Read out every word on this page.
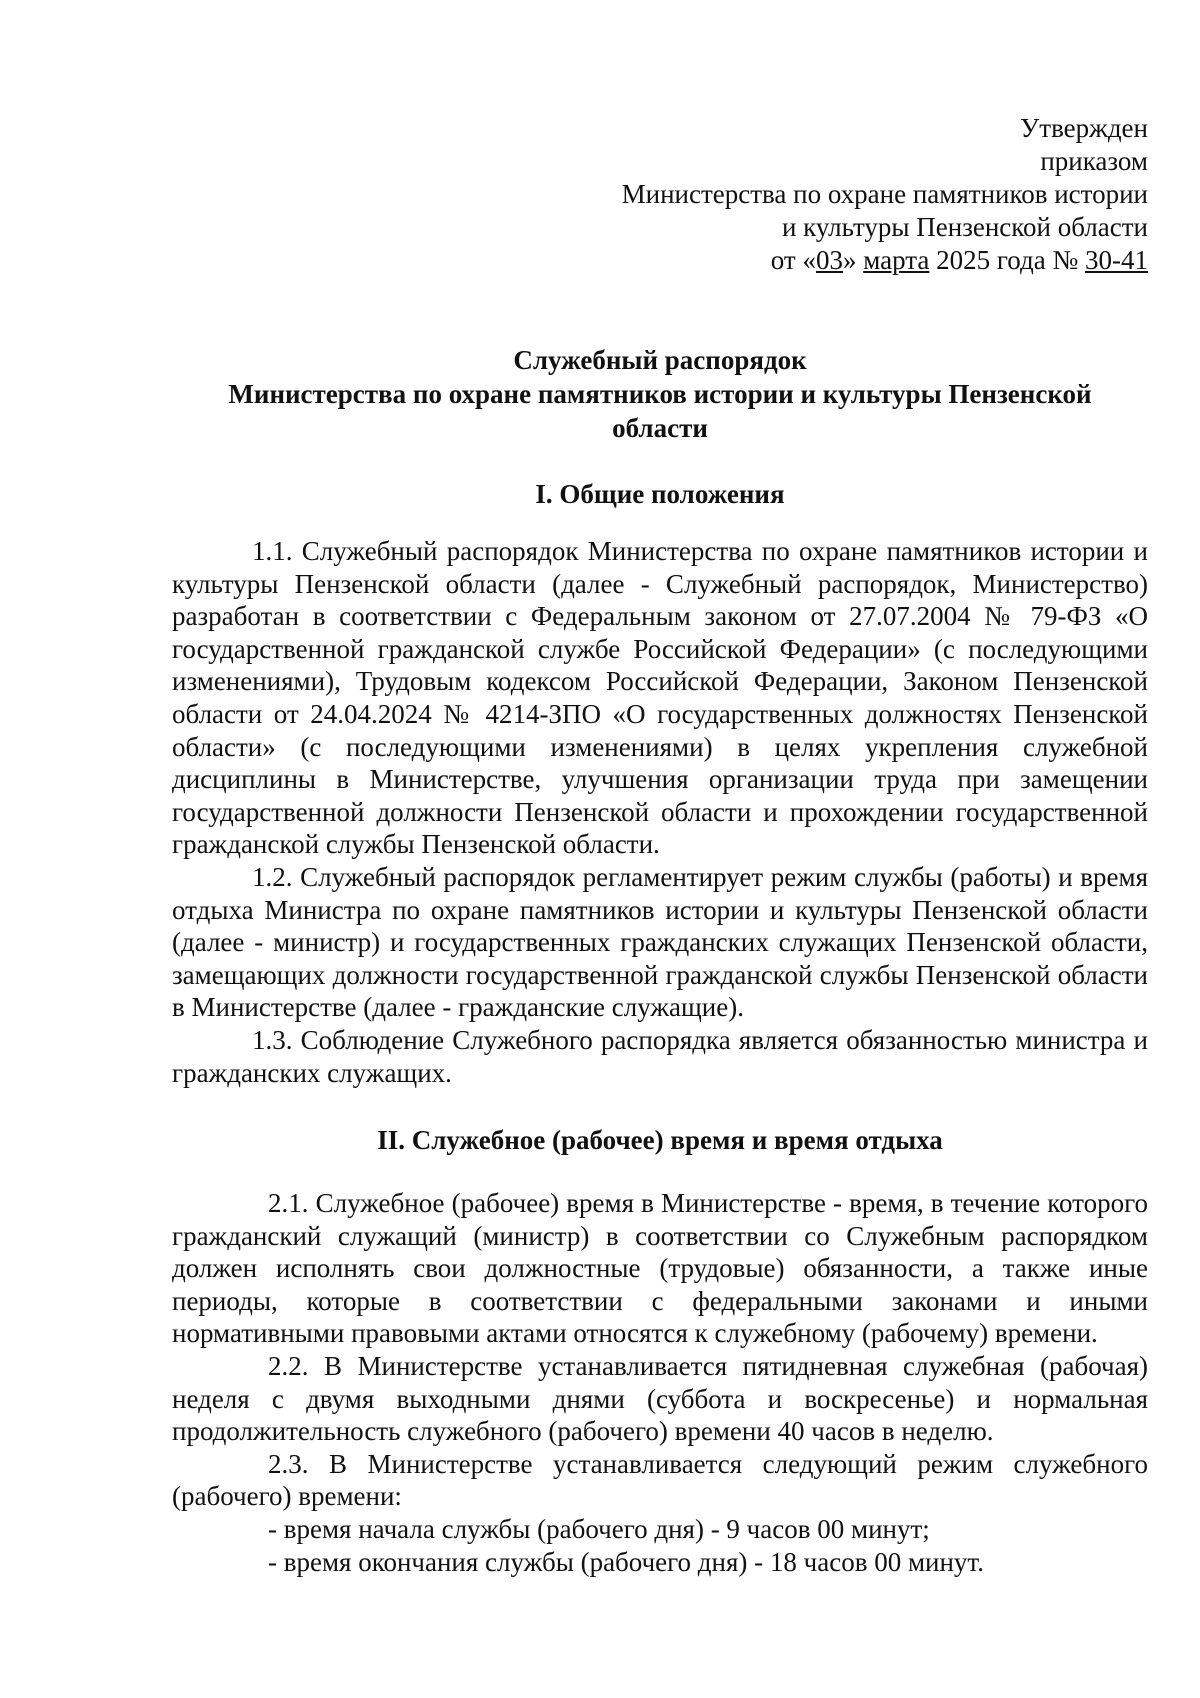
Утвержден
приказом
Министерства по охране памятников истории
и культуры Пензенской области
от «03» марта 2025 года № 30-41
Служебный распорядок
Министерства по охране памятников истории и культуры Пензенской
области
I. Общие положения
1.1. Служебный распорядок Министерства по охране памятников истории и культуры Пензенской области (далее - Служебный распорядок, Министерство) разработан в соответствии с Федеральным законом от 27.07.2004 № 79-ФЗ «О государственной гражданской службе Российской Федерации» (с последующими изменениями), Трудовым кодексом Российской Федерации, Законом Пензенской области от 24.04.2024 № 4214-ЗПО «О государственных должностях Пензенской области» (с последующими изменениями) в целях укрепления служебной дисциплины в Министерстве, улучшения организации труда при замещении государственной должности Пензенской области и прохождении государственной гражданской службы Пензенской области.
1.2. Служебный распорядок регламентирует режим службы (работы) и время отдыха Министра по охране памятников истории и культуры Пензенской области (далее - министр) и государственных гражданских служащих Пензенской области, замещающих должности государственной гражданской службы Пензенской области в Министерстве (далее - гражданские служащие).
1.3. Соблюдение Служебного распорядка является обязанностью министра и гражданских служащих.
II. Служебное (рабочее) время и время отдыха
2.1. Служебное (рабочее) время в Министерстве - время, в течение которого гражданский служащий (министр) в соответствии со Служебным распорядком должен исполнять свои должностные (трудовые) обязанности, а также иные периоды, которые в соответствии с федеральными законами и иными нормативными правовыми актами относятся к служебному (рабочему) времени.
2.2. В Министерстве устанавливается пятидневная служебная (рабочая) неделя с двумя выходными днями (суббота и воскресенье) и нормальная продолжительность служебного (рабочего) времени 40 часов в неделю.
2.3. В Министерстве устанавливается следующий режим служебного (рабочего) времени:
- время начала службы (рабочего дня) - 9 часов 00 минут;
- время окончания службы (рабочего дня) - 18 часов 00 минут.
